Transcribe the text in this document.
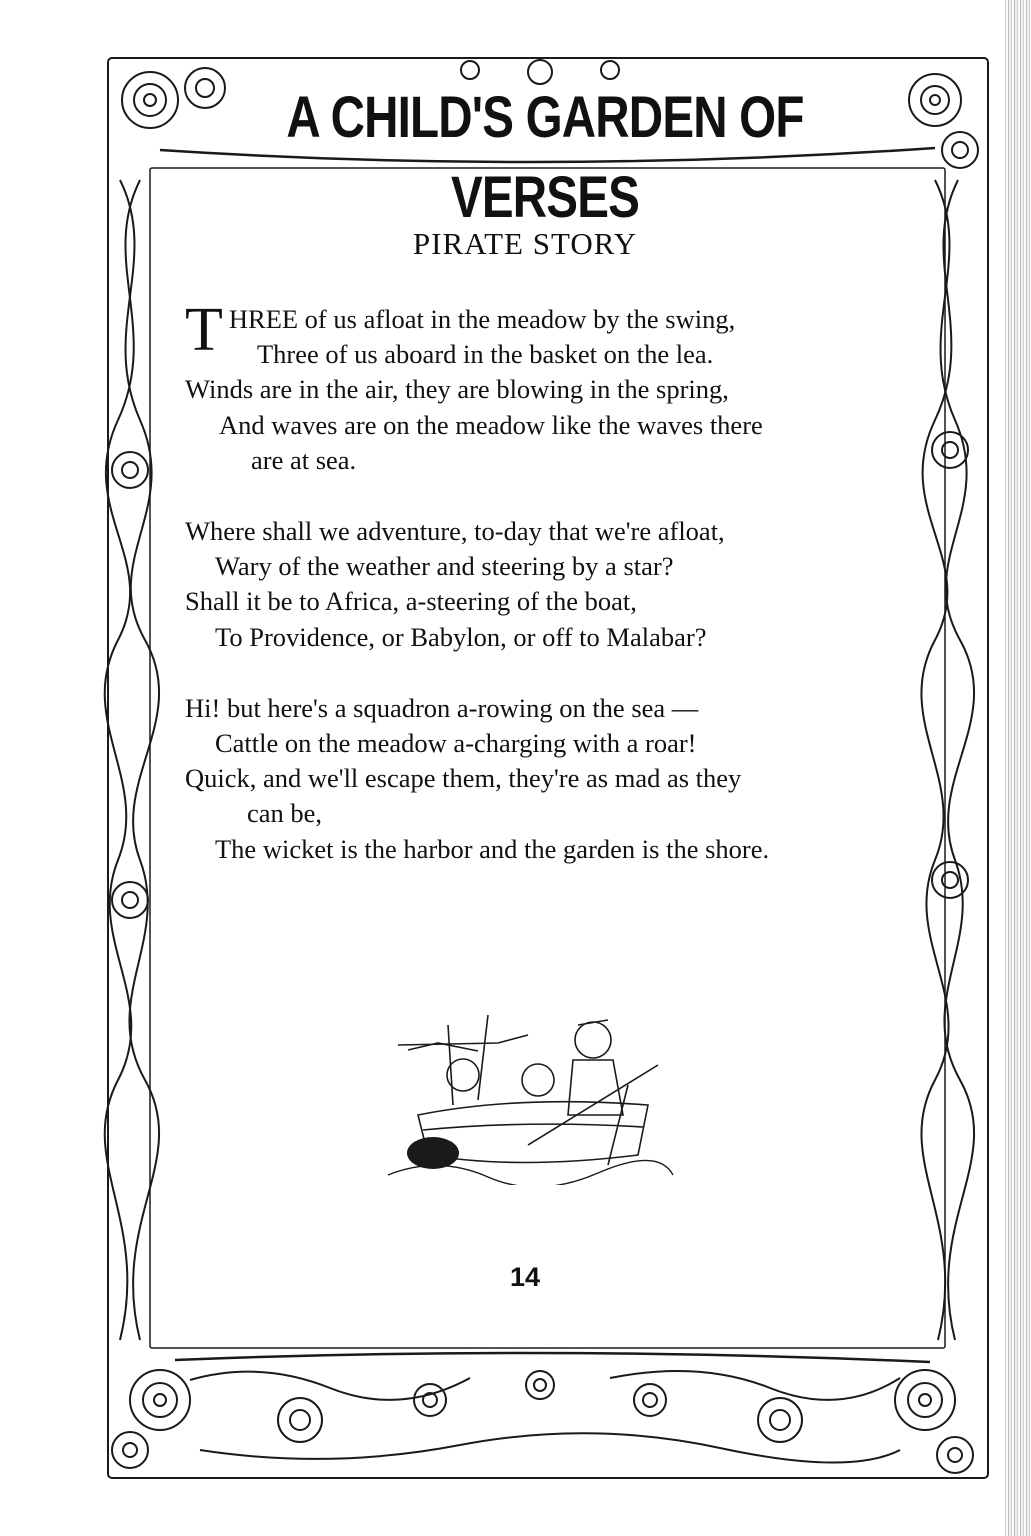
A CHILD'S GARDEN OF VERSES
PIRATE STORY
THREE of us afloat in the meadow by the swing,
Three of us aboard in the basket on the lea.
Winds are in the air, they are blowing in the spring,
And waves are on the meadow like the waves there
are at sea.
Where shall we adventure, to-day that we're afloat,
Wary of the weather and steering by a star?
Shall it be to Africa, a-steering of the boat,
To Providence, or Babylon, or off to Malabar?
Hi! but here's a squadron a-rowing on the sea —
Cattle on the meadow a-charging with a roar!
Quick, and we'll escape them, they're as mad as they
can be,
The wicket is the harbor and the garden is the shore.
14
